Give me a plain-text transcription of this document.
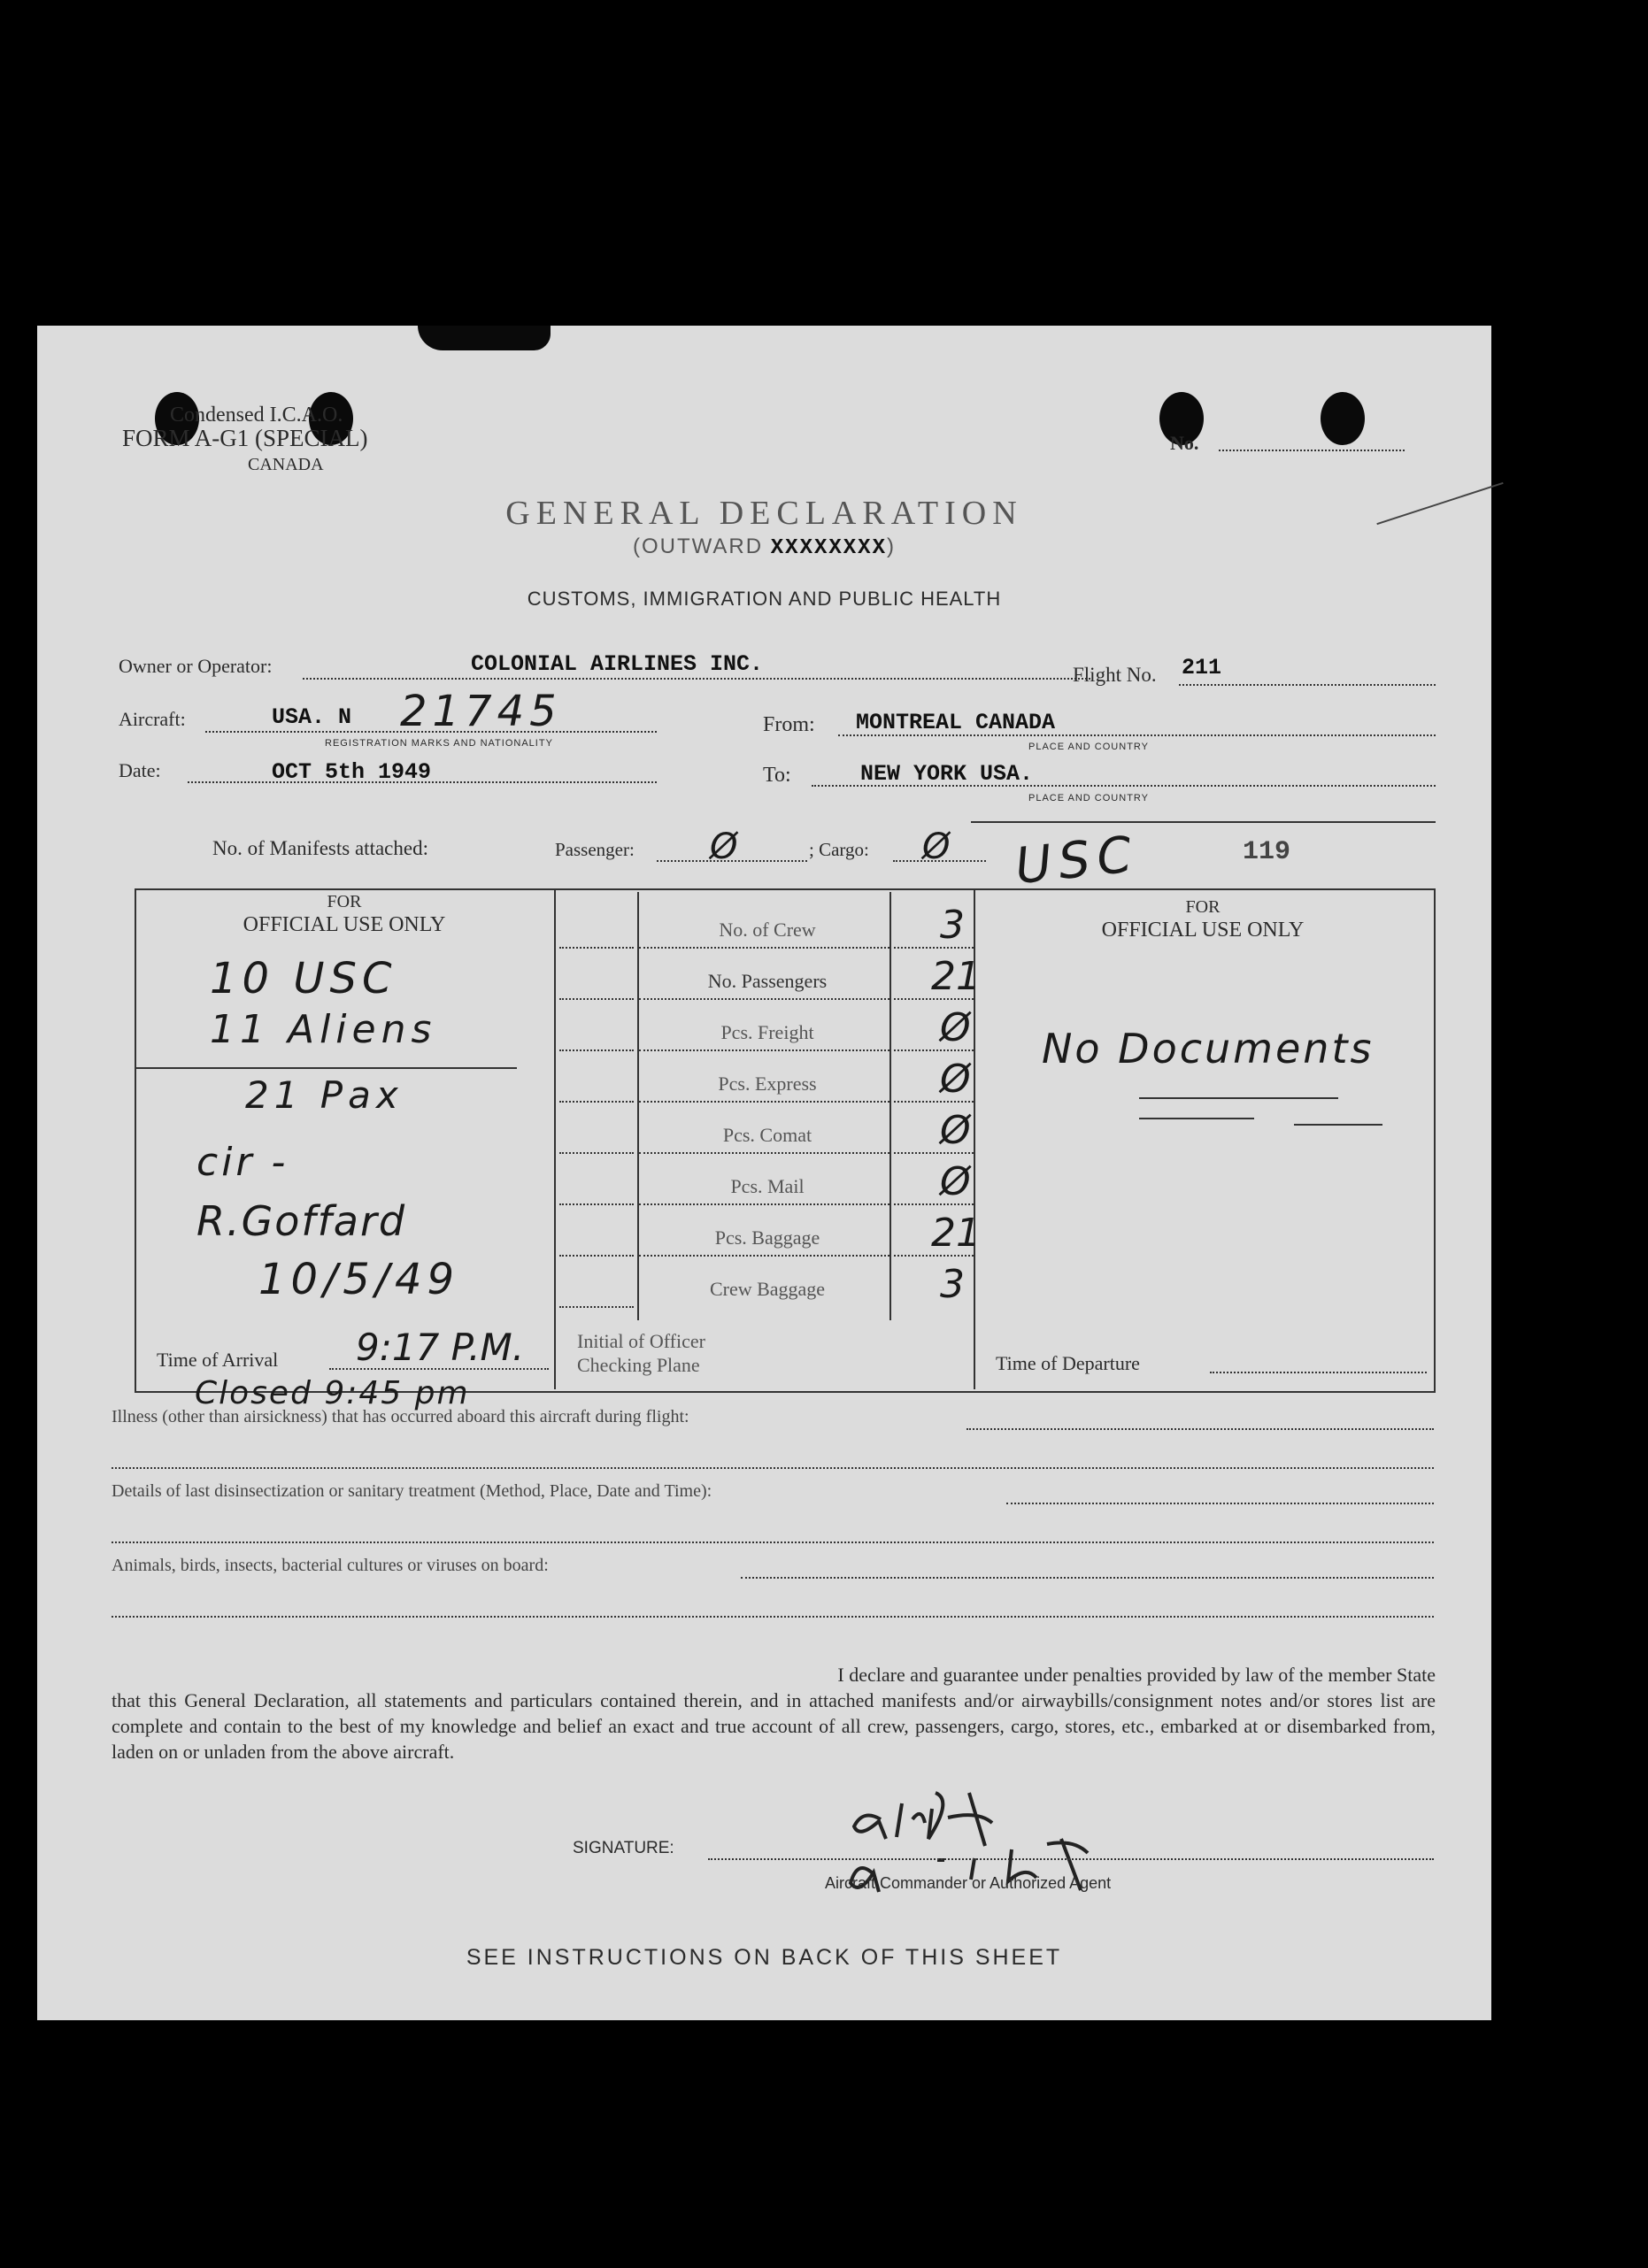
Condensed I.C.A.O.
FORM A-G1 (SPECIAL)
CANADA
No.
GENERAL DECLARATION
(OUTWARD XXXXXXXX)
CUSTOMS, IMMIGRATION AND PUBLIC HEALTH
Owner or Operator:	COLONIAL AIRLINES INC.	Flight No. 211
Aircraft:	USA. N 21745
REGISTRATION MARKS AND NATIONALITY
From: MONTREAL CANADA
PLACE AND COUNTRY
Date:	OCT 5th 1949	To:	NEW YORK USA.
PLACE AND COUNTRY
No. of Manifests attached:	Passenger: Ø	; Cargo: Ø USC	119
FOR
OFFICIAL USE ONLY
10 USC
11 Aliens
21 Pax
cir -
R.Goffard
10/5/49
Time of Arrival 9:17 P.M.	Initial of Officer
Checking Plane
No. of Crew	3
No. Passengers	21
Pcs. Freight	Ø
Pcs. Express	Ø
Pcs. Comat	Ø
Pcs. Mail	Ø
Pcs. Baggage	21
Crew Baggage	3
FOR
OFFICIAL USE ONLY
No Documents
Time of Departure
Closed 9:45 pm
Illness (other than airsickness) that has occurred aboard this aircraft during flight:
Details of last disinsectization or sanitary treatment (Method, Place, Date and Time):
Animals, birds, insects, bacterial cultures or viruses on board:
I declare and guarantee under penalties provided by law of the member State
that this General Declaration, all statements and particulars contained therein, and in attached manifests and/or airwaybills/consignment notes and/or stores list are complete and contain to the best of my knowledge and belief an exact and true account of all crew, passengers, cargo, stores, etc., embarked at or disembarked from, laden on or unladen from the above aircraft.
SIGNATURE:
Aircraft Commander or Authorized Agent
SEE INSTRUCTIONS ON BACK OF THIS SHEET
